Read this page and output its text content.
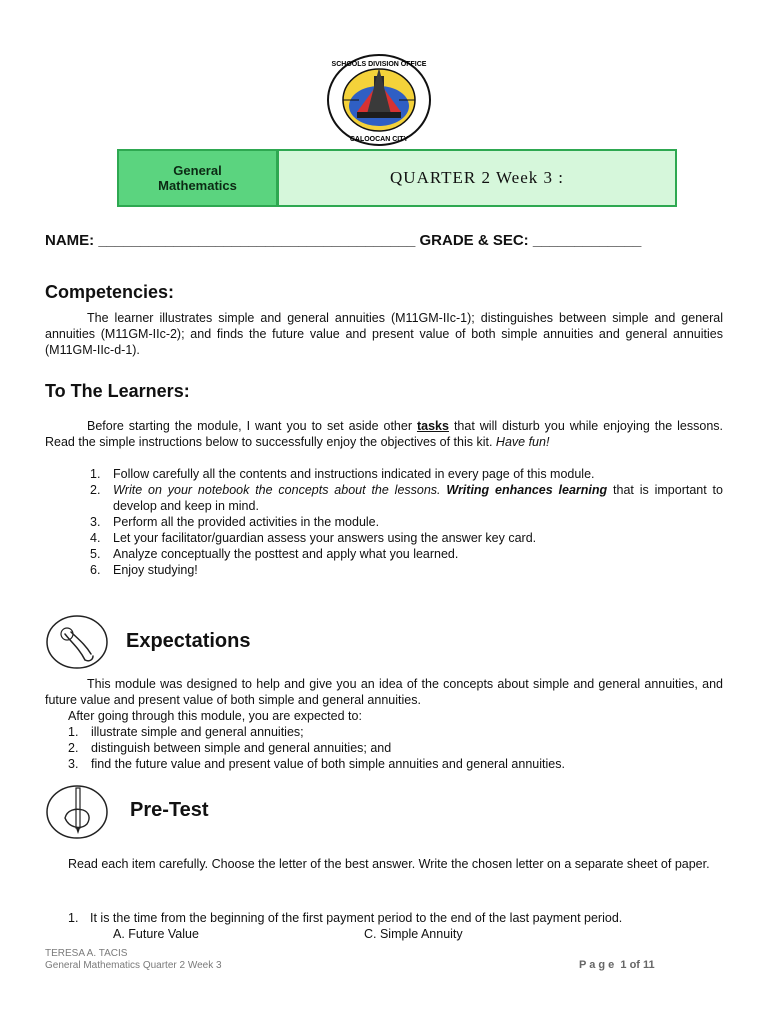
SCHOOLS DIVISION OFFICE
CALOOCAN CITY
General Mathematics	QUARTER 2 Week 3 :
NAME: ______________________________________ GRADE & SEC: _____________
Competencies:
The learner illustrates simple and general annuities (M11GM-IIc-1); distinguishes between simple and general annuities (M11GM-IIc-2); and finds the future value and present value of both simple annuities and general annuities (M11GM-IIc-d-1).
To The Learners:
Before starting the module, I want you to set aside other tasks that will disturb you while enjoying the lessons. Read the simple instructions below to successfully enjoy the objectives of this kit. Have fun!
1. Follow carefully all the contents and instructions indicated in every page of this module.
2. Write on your notebook the concepts about the lessons. Writing enhances learning that is important to develop and keep in mind.
3. Perform all the provided activities in the module.
4. Let your facilitator/guardian assess your answers using the answer key card.
5. Analyze conceptually the posttest and apply what you learned.
6. Enjoy studying!
Expectations
This module was designed to help and give you an idea of the concepts about simple and general annuities, and future value and present value of both simple and general annuities.
After going through this module, you are expected to:
1. illustrate simple and general annuities;
2. distinguish between simple and general annuities; and
3. find the future value and present value of both simple annuities and general annuities.
Pre-Test
Read each item carefully. Choose the letter of the best answer. Write the chosen letter on a separate sheet of paper.
1. It is the time from the beginning of the first payment period to the end of the last payment period.
A. Future Value	C. Simple Annuity
TERESA A. TACIS
General Mathematics Quarter 2 Week 3	P a g e 1 of 11
